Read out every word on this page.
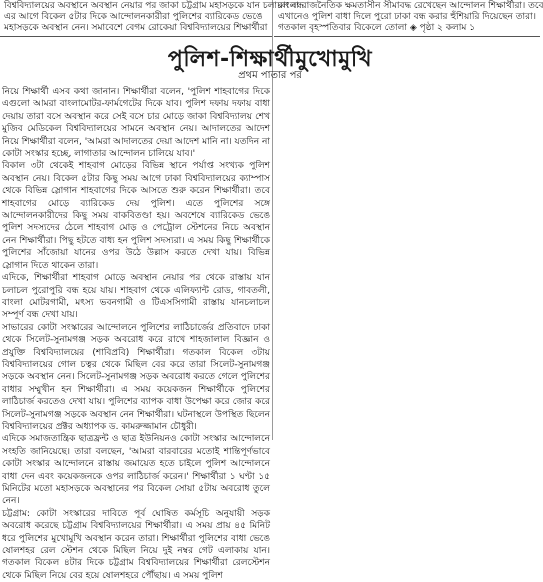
বিশ্ববিদ্যালয়ের অবস্থানে অবস্থান নেয়ার পর জাকা চট্টগ্রাম মহাসড়কে যান চলাচল বন্ধ
এর আগে বিকেল ৫টার দিকে আন্দোলনকারীরা পুলিশের ব্যারিকেড ভেঙে
মহাসড়কে অবস্থান নেন। সমাবেশে বেগম রোকেয়া বিশ্ববিদ্যালয়ের শিক্ষার্থীরা
বাংলা রাজনৈতিক ক্ষমতাসীন সীমাবদ্ধ রেখেছেন আন্দোলন শিক্ষার্থীরা। তবে
এখানেও পুলিশ বাধা দিলে পুরো ঢাকা বন্ধ করার হুঁশিয়ারি দিয়েছেন তারা।
গতকাল বৃহস্পতিবার বিকেলে তোলা ◈ পৃষ্ঠা ২ কলাম ১
পুলিশ-শিক্ষার্থীমুখোমুখি
প্রথম পাতার পর

নিয়ে শিক্ষার্থী এসব কথা জানান। শিক্ষার্থীরা বলেন, 'পুলিশ শাহবাগের দিকে এগুলো আমরা বাংলামোটর-ফার্মগেটের দিকে যাব। পুলিশ দফায় দফায় বাধা দেয়ায় তারা বসে অবস্থান করে সেই বসে চার মোড়ে জাকা বিশ্ববিদ্যালয় শেখ মুজিব মেডিকেল বিশ্ববিদ্যালয়ের সামনে অবস্থান নেয়। আদালতের আদেশ নিয়ে শিক্ষার্থীরা বলেন, 'আমরা আদালতের দেয়া আদেশ মানি না। যতদিন না কোটা সংস্কার হচ্ছে, লাগাতার আন্দোলন চালিয়ে যাব।'

বিকাল ৩টা থেকেই শাহবাগ মোড়ের বিভিন্ন স্থানে পর্যাপ্ত সংখ্যক পুলিশ অবস্থান নেয়। বিকেল ৫টার কিছু সময় আগে ঢাকা বিশ্ববিদ্যালয়ের ক্যাম্পাস থেকে বিভিন্ন স্লোগান শাহবাগের দিকে আসতে শুরু করেন শিক্ষার্থীরা। তবে শাহবাগের মোড়ে ব্যারিকেড দেয় পুলিশ। এতে পুলিশের সঙ্গে আন্দোলনকারীদের কিছু সময় বাকবিতণ্ডা হয়। অবশেষে ব্যারিকেড ভেঙে পুলিশ সদস্যদের ঠেলে শাহবাগ মোড় ও পেট্রোল স্টেশনের নিচে অবস্থান নেন শিক্ষার্থীরা। পিছু হটতে বাধ্য হন পুলিশ সদস্যরা। এ সময় কিছু শিক্ষার্থীকে পুলিশের সাঁজোয়া যানের ওপর উঠে উল্লাস করতে দেখা যায়। বিভিন্ন স্লোগান দিতে থাকেন তারা।

এদিকে, শিক্ষার্থীরা শাহবাগ মোড়ে অবস্থান নেয়ার পর থেকে রাস্তায় যান চলাচল পুরোপুরি বন্ধ হয়ে যায়। শাহবাগ থেকে এলিফ্যান্ট রোড, গাবতলী, বাংলা মোটরগামী, মৎস্য ভবনগামী ও টিএসসিগামী রাস্তায় যানচলাচল সম্পূর্ণ বন্ধ দেখা যায়।

সাভারের কোটা সংস্কারের আন্দোলনে পুলিশের লাঠিচার্জের প্রতিবাদে ঢাকা থেকে সিলেট-সুনামগঞ্জ সড়ক অবরোধ করে রাখে শাহজালাল বিজ্ঞান ও প্রযুক্তি বিশ্ববিদ্যালয়ের (শাবিপ্রবি) শিক্ষার্থীরা। গতকাল বিকেল ৩টায় বিশ্ববিদ্যালয়ের গোল চত্বর থেকে মিছিল বের করে তারা সিলেট-সুনামগঞ্জ সড়কে অবস্থান নেন। সিলেট-সুনামগঞ্জ সড়ক অবরোধ করতে গেলে পুলিশের বাধার সম্মুখীন হন শিক্ষার্থীরা। এ সময় কয়েকজন শিক্ষার্থীকে পুলিশের লাঠিচার্জ করতেও দেখা যায়। পুলিশের ব্যাপক বাধা উপেক্ষা করে জোর করে সিলেট-সুনামগঞ্জ সড়কে অবস্থান নেন শিক্ষার্থীরা। ঘটনাস্থলে উপস্থিত ছিলেন বিশ্ববিদ্যালয়ের প্রক্টর অধ্যাপক ড. কামরুজ্জামান চৌধুরী।

এদিকে সমাজতান্ত্রিক ছাত্রফ্রন্ট ও ছাত্র ইউনিয়নও কোটা সংস্কার আন্দোলনে সংহতি জানিয়েছে। তারা বলছেন, 'আমরা বারবারের মতোই শান্তিপূর্ণভাবে কোটা সংস্কার আন্দোলনে রাস্তায় জমায়েত হতে চাইলে পুলিশ আন্দোলনে বাধা দেন এবং কয়েকজনকে ওপর লাঠিচার্জ করেন।' শিক্ষার্থীরা ১ ঘণ্টা ১৫ মিনিটের মতো মহাসড়কে অবস্থানের পর বিকেল সোয়া ৫টায় অবরোধ তুলে নেন।

চট্টগ্রাম: কোটা সংস্কারের দাবিতে পূর্ব ঘোষিত কর্মসূচি অনুযায়ী সড়ক অবরোধ করেছে চট্টগ্রাম বিশ্ববিদ্যালয়ের শিক্ষার্থীরা। এ সময় প্রায় ৪৫ মিনিট ধরে পুলিশের মুখোমুখি অবস্থান করেন তারা। শিক্ষার্থীরা পুলিশের বাধা ভেঙে ষোলশহর রেল স্টেশন থেকে মিছিল নিয়ে দুই নম্বর গেট এলাকায় যান। গতকাল বিকেল ৪টার দিকে চট্টগ্রাম বিশ্ববিদ্যালয়ের শিক্ষার্থীরা রেলস্টেশন থেকে মিছিল নিয়ে বের হয়ে ষোলশহরে পৌঁছায়। এ সময় পুলিশ
